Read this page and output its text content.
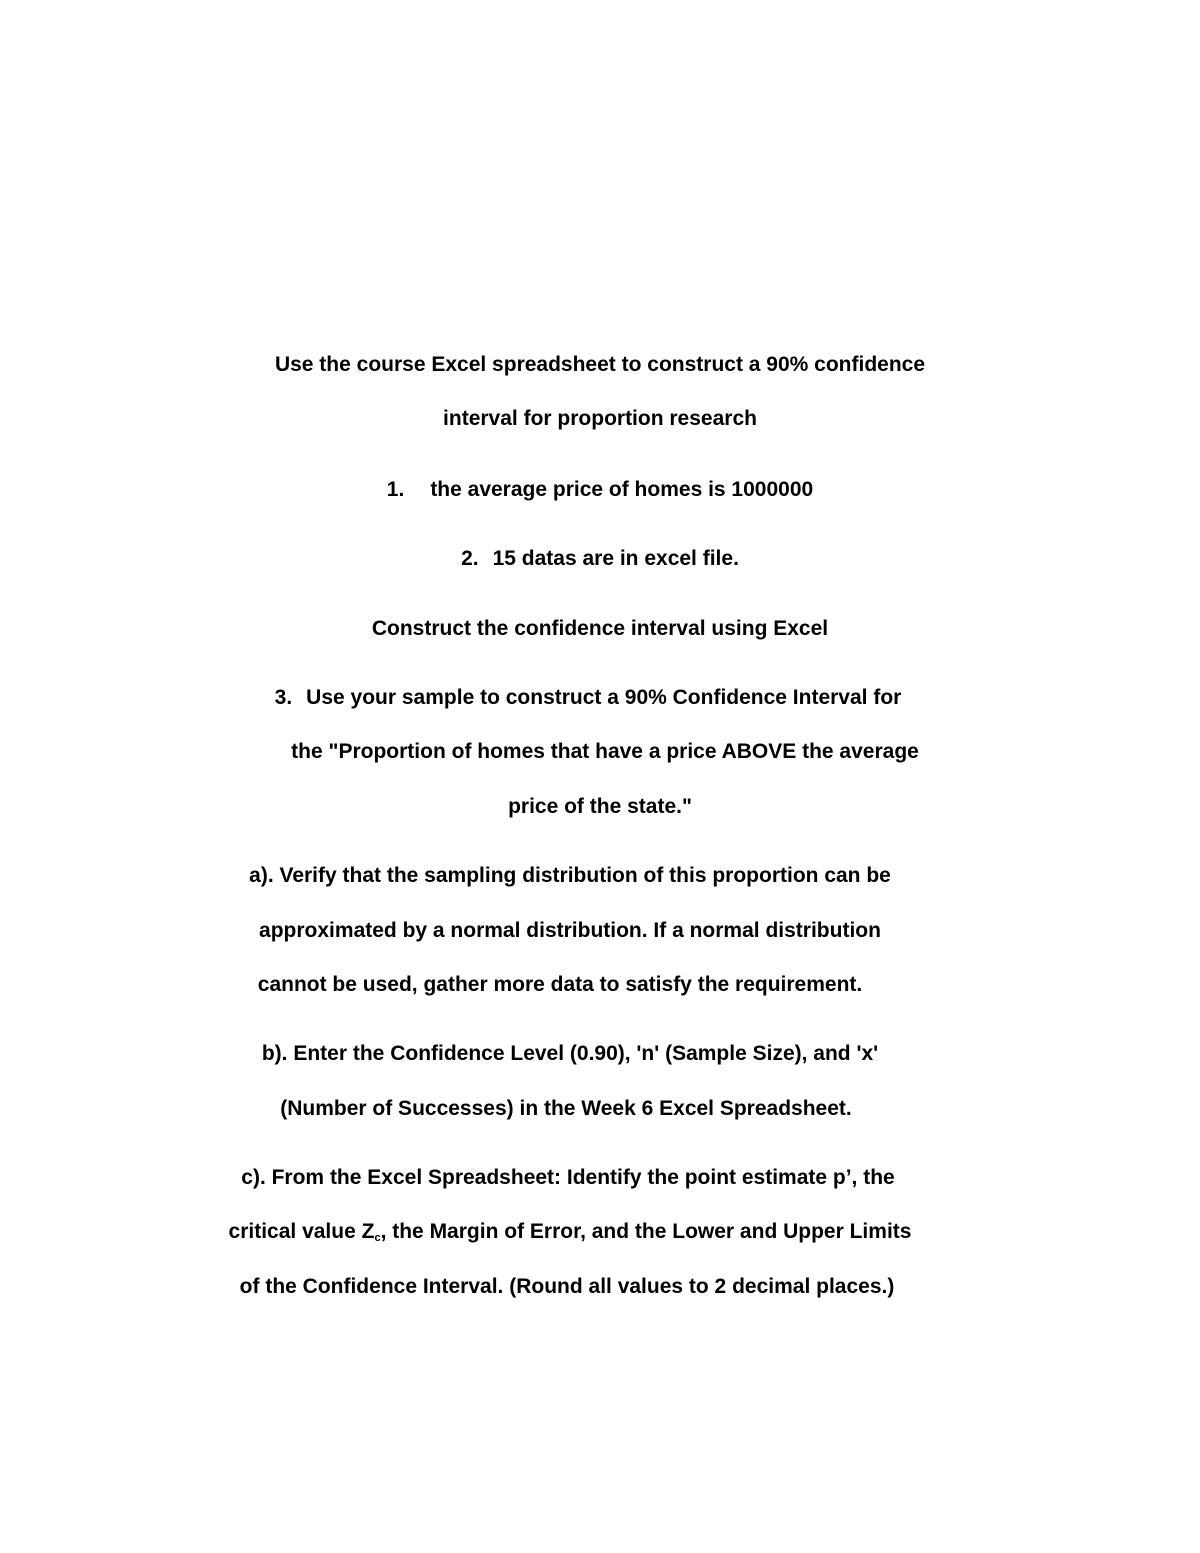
Use the course Excel spreadsheet to construct a 90% confidence
interval for proportion research
1. the average price of homes is 1000000
2. 15 datas are in excel file.
Construct the confidence interval using Excel
3. Use your sample to construct a 90% Confidence Interval for
the "Proportion of homes that have a price ABOVE the average
price of the state."
a). Verify that the sampling distribution of this proportion can be
approximated by a normal distribution. If a normal distribution
cannot be used, gather more data to satisfy the requirement.
b). Enter the Confidence Level (0.90), 'n' (Sample Size), and 'x'
(Number of Successes) in the Week 6 Excel Spreadsheet.
c). From the Excel Spreadsheet: Identify the point estimate p’, the
critical value $Z_c$, the Margin of Error, and the Lower and Upper Limits
of the Confidence Interval. (Round all values to 2 decimal places.)
